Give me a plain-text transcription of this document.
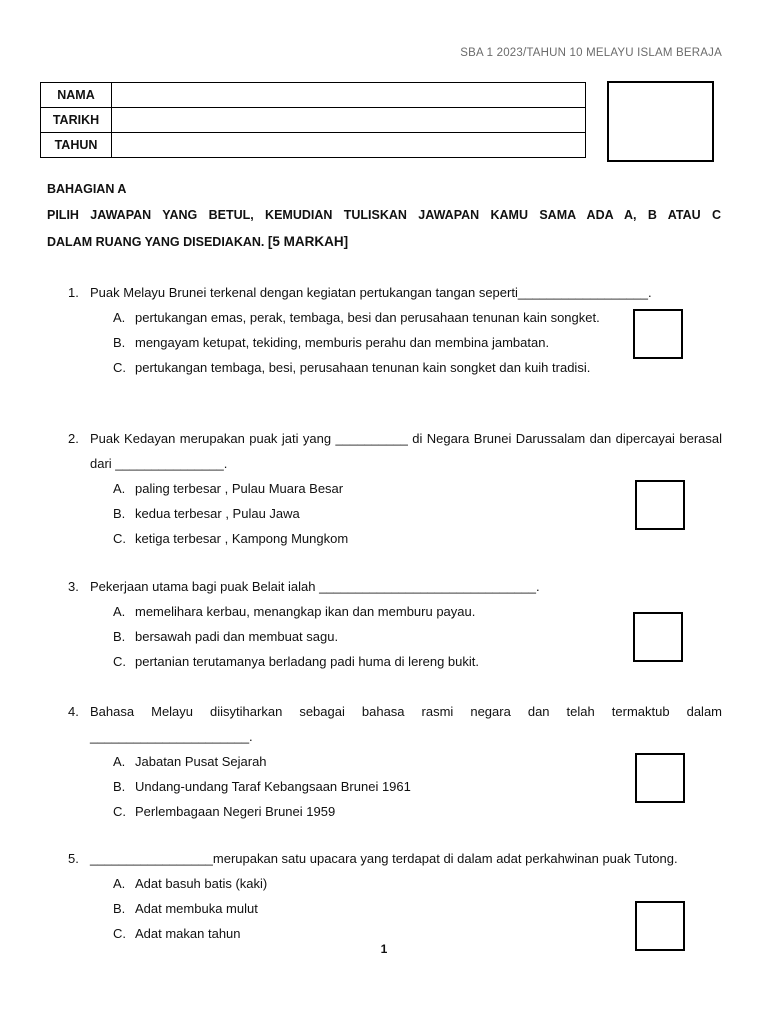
SBA 1 2023/TAHUN 10 MELAYU ISLAM BERAJA
NAMA	
TARIKH	
TAHUN	
BAHAGIAN A
PILIH JAWAPAN YANG BETUL, KEMUDIAN TULISKAN JAWAPAN KAMU SAMA ADA A, B ATAU C
DALAM RUANG YANG DISEDIAKAN. [5 MARKAH]
1. Puak Melayu Brunei terkenal dengan kegiatan pertukangan tangan seperti__________________.
A. pertukangan emas, perak, tembaga, besi dan perusahaan tenunan kain songket.
B. mengayam ketupat, tekiding, memburis perahu dan membina jambatan.
C. pertukangan tembaga, besi, perusahaan tenunan kain songket dan kuih tradisi.
2. Puak Kedayan merupakan puak jati yang __________ di Negara Brunei Darussalam dan dipercayai berasal dari _______________.
A. paling terbesar , Pulau Muara Besar
B. kedua terbesar , Pulau Jawa
C. ketiga terbesar , Kampong Mungkom
3. Pekerjaan utama bagi puak Belait ialah ______________________________.
A. memelihara kerbau, menangkap ikan dan memburu payau.
B. bersawah padi dan membuat sagu.
C. pertanian terutamanya berladang padi huma di lereng bukit.
4. Bahasa Melayu diisytiharkan sebagai bahasa rasmi negara dan telah termaktub dalam
______________________.
A. Jabatan Pusat Sejarah
B. Undang-undang Taraf Kebangsaan Brunei 1961
C. Perlembagaan Negeri Brunei 1959
5. _________________merupakan satu upacara yang terdapat di dalam adat perkahwinan puak Tutong.
A. Adat basuh batis (kaki)
B. Adat membuka mulut
C. Adat makan tahun
1
